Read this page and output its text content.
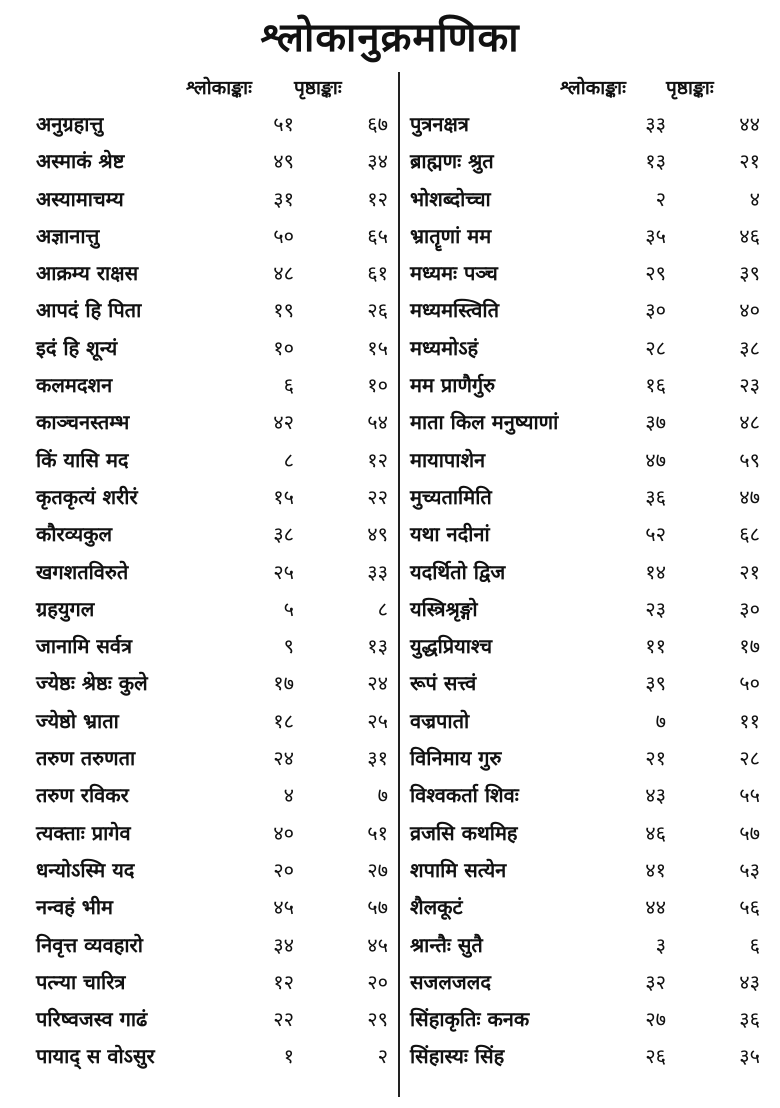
श्लोकानुक्रमणिका
श्लोकाङ्काः पृष्ठाङ्काः
अनुग्रहात्तु	५१	६७
अस्माकं श्रेष्ट	४९	३४
अस्यामाचम्य	३१	१२
अज्ञानात्तु	५०	६५
आक्रम्य राक्षस	४८	६१
आपदं हि पिता	१९	२६
इदं हि शून्यं	१०	१५
कलमदशन	६	१०
काञ्चनस्तम्भ	४२	५४
किं यासि मद	८	१२
कृतकृत्यं शरीरं	१५	२२
कौरव्यकुल	३८	४९
खगशतविरुते	२५	३३
ग्रहयुगल	५	८
जानामि सर्वत्र	९	१३
ज्येष्ठः श्रेष्ठः कुले	१७	२४
ज्येष्ठो भ्राता	१८	२५
तरुण तरुणता	२४	३१
तरुण रविकर	४	७
त्यक्ताः प्रागेव	४०	५१
धन्योऽस्मि यद	२०	२७
नन्वहं भीम	४५	५७
निवृत्त व्यवहारो	३४	४५
पत्न्या चारित्र	१२	२०
परिष्वजस्व गाढं	२२	२९
पायाद् स वोऽसुर	१	२
श्लोकाङ्काः पृष्ठाङ्काः
पुत्रनक्षत्र	३३	४४
ब्राह्मणः श्रुत	१३	२१
भोशब्दोच्चा	२	४
भ्रातॄणां मम	३५	४६
मध्यमः पञ्च	२९	३९
मध्यमस्त्विति	३०	४०
मध्यमोऽहं	२८	३८
मम प्राणैर्गुरु	१६	२३
माता किल मनुष्याणां	३७	४८
मायापाशेन	४७	५९
मुच्यतामिति	३६	४७
यथा नदीनां	५२	६८
यदर्थितो द्विज	१४	२१
यस्त्रिश्रृङ्गो	२३	३०
युद्धप्रियाश्च	११	१७
रूपं सत्त्वं	३९	५०
वज्रपातो	७	११
विनिमाय गुरु	२१	२८
विश्वकर्ता शिवः	४३	५५
व्रजसि कथमिह	४६	५७
शपामि सत्येन	४१	५३
शैलकूटं	४४	५६
श्रान्तैः सुतै	३	६
सजलजलद	३२	४३
सिंहाकृतिः कनक	२७	३६
सिंहास्यः सिंह	२६	३५
